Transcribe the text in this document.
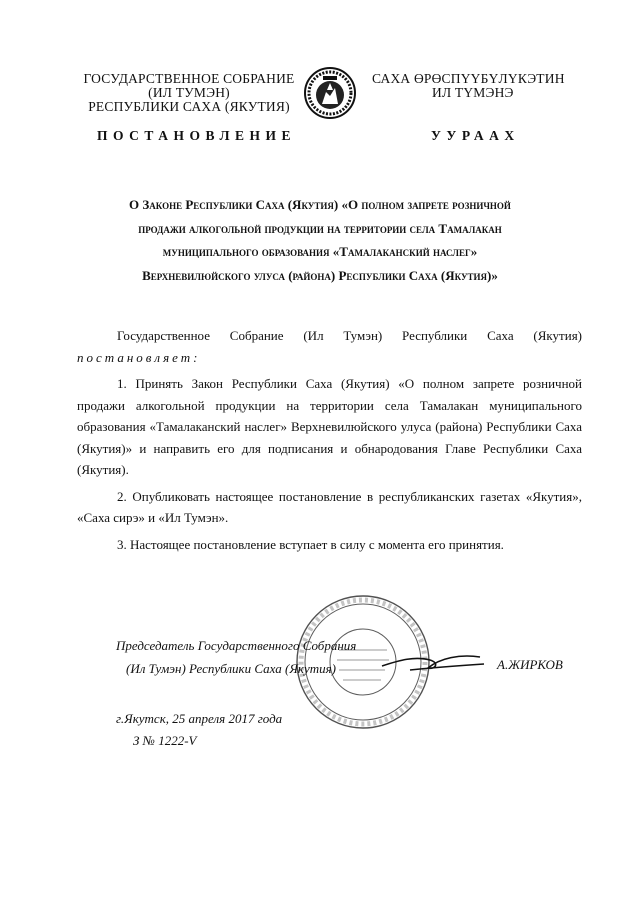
ГОСУДАРСТВЕННОЕ СОБРАНИЕ
(ИЛ ТУМЭН)
РЕСПУБЛИКИ САХА (ЯКУТИЯ)
САХА ӨРӨСПҮҮБҮЛҮКЭТИН
ИЛ ТҮМЭНЭ
ПОСТАНОВЛЕНИЕ	УУРААХ
О Законе Республики Саха (Якутия) «О полном запрете розничной
продажи алкогольной продукции на территории села Тамалакан
муниципального образования «Тамалаканский наслег»
Верхневилюйского улуса (района) Республики Саха (Якутия)»

Государственное Собрание (Ил Тумэн) Республики Саха (Якутия)

постановляет:

1. Принять Закон Республики Саха (Якутия) «О полном запрете розничной продажи алкогольной продукции на территории села Тамалакан муниципального образования «Тамалаканский наслег» Верхневилюйского улуса (района) Республики Саха (Якутия)» и направить его для подписания и обнародования Главе Республики Саха (Якутия).

2. Опубликовать настоящее постановление в республиканских газетах «Якутия», «Саха сирэ» и «Ил Тумэн».

3. Настоящее постановление вступает в силу с момента его принятия.

Председатель Государственного Собрания
(Ил Тумэн) Республики Саха (Якутия)	А.ЖИРКОВ
г.Якутск, 25 апреля 2017 года
З № 1222-V
